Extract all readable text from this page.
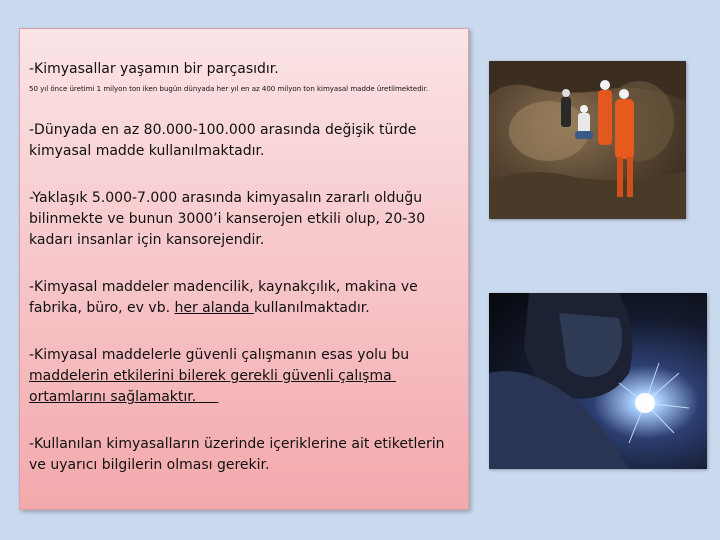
-Kimyasallar yaşamın bir parçasıdır.

50 yıl önce üretimi 1 milyon ton iken bugün dünyada her yıl en az 400 milyon ton kimyasal madde üretilmektedir.

-Dünyada en az 80.000-100.000 arasında değişik türde kimyasal madde kullanılmaktadır.

-Yaklaşık 5.000-7.000 arasında kimyasalın zararlı olduğu bilinmekte ve bunun 3000’i kanserojen etkili olup, 20-30 kadarı insanlar için kansorejendir.

-Kimyasal maddeler madencilik, kaynakçılık, makina ve fabrika, büro, ev vb. her alanda kullanılmaktadır.

-Kimyasal maddelerle güvenli çalışmanın esas yolu bu maddelerin etkilerini bilerek gerekli güvenli çalışma ortamlarını sağlamaktır.

-Kullanılan kimyasalların üzerinde içeriklerine ait etiketlerin ve uyarıcı bilgilerin olması gerekir.
